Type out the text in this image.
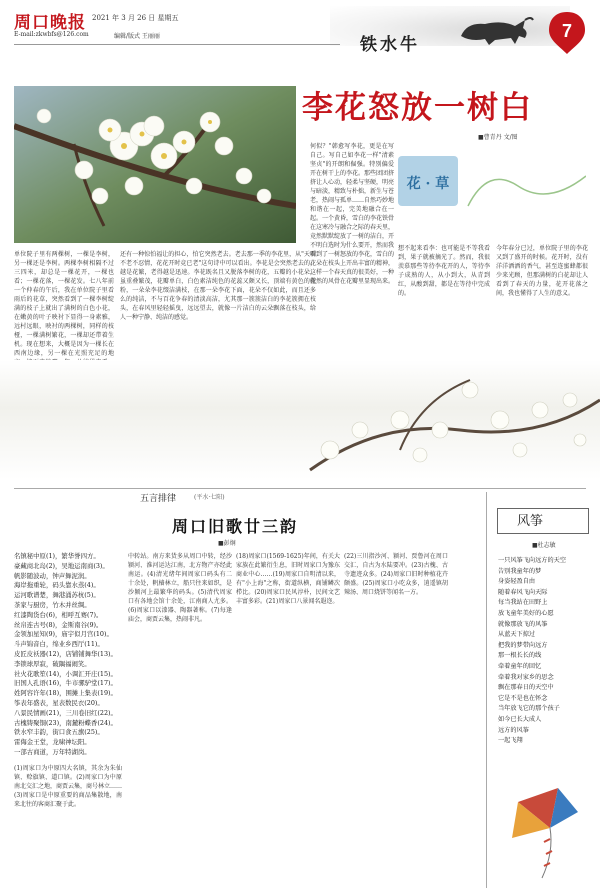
周口晚报 2021 年 3 月 26 日 星期五
E-mail:zkwbfs@126.com	编辑/版式 王丽丽	铁水牛
7
李花怒放一树白
■曹青丹 文/图
单位院子里有两棵树，一棵是李树，另一棵还是李树。两棵李树相隔不过三四米，却总是一棵花开，一棵也看；一棵花落，一棵花发。七八年前一个仲春的午后，我在单位院子里看雨后的花草，突然看到了一棵李树绽满的枝子上就出了满树的白色小花，在嫩黄的叶子映衬下显得一身素雅，远村远眼，映衬的两棵树，同样的枝桠，一棵满树繁花，一棵却还带着生机。现在想来，大概是因为一棵长在西南边缘，另一棵在光照充足的地
还有一种惊怕福让的担心，怕它突然老去。老去那一季的李花里，从"天啊不老不忍情，花花开时竞已老"这句诗中可以看出。李花是会突然老去的，越是花繁，老得越是迅速。李花既名且又脱落李树的花，五瓣的小花朵，虽重叠繁茂，花瓣单白，白色素洁纯色的花蕊又颇又长，顶端有黄色的花粉，一朵朵李花缀洁满枝，在那一朵李花下面，花朵不仅如此，而且还多么的纯洁，不与百花争春的清淡高洁，尤其那一簇簇洁白的李花簇拥在枝头，在春风里轻轻摇曳，远远望去，就像一片洁白的云朵飘落在枝头，给人一种宁静、纯洁的感觉。
何似？"韩愈写李花，更是在写自己。写自己如李花一样"清素坚贞"的开朗和倔强。特别偏爱开在树干上的李花。那些团团挤挤让人心动，轻柔与坚硬，明亮与暗淡，精致与朴拙，新生与苍老，热闹与孤单……自然巧妙地和谐在一起，完美地融合在一起。一个黄昏，雪白的李花铁骨在这寒冷与融合之际的春天里，竟然默默绽放了一树的洁白，开不明白选时为什么要开，然而我看到了一树怒放的李花，雪白的花朵在枝头上开出丰富的精神，这样一个春天真的很美好，一种傲然的风骨在花瓣里显现出来。
花 · 草
想不起来看李：也可能是不等我看到，果子就被摘光了。然而，我很羡慕那些等待李花开的人，等待李子成熟的人，从小到大，从青到红，从酸到甜，都是在等待中完成的。
今年春分已过，单位院子里的李花又到了盛开的时候。花开时，没有洋洋洒洒的香气，甚至连蜜蜂都很少来光顾，但那满树的白花却让人看到了春天的力量，花开花落之间，我也懂得了人生的意义。
五言排律	(平水·七阳)
周口旧歌廿三韵
■彭炯
名镇秘中原(1)，繁华誉四方。
豪藏商北岛(2)，吴地运南商(3)。
帆影随波动，钟声舞泥润。
海岸拖重轮，码头靠水蒸(4)。
运河歌谱楚，舞港涌苏杭(5)。
茶家与厨房，竹木并丝绸。
红漆陶货台(6)，相呼互赛(7)。
丝帛连古号(8)，金斯南谷(9)。
金领加星知(9)，庙宇似月宫(10)。
斗声锦音白，绵业乡西厅(11)。
皮匠皮袄器(12)，店铺铺舞华(13)。
李锁球厚寂，破隅福闹笑。
社火花歌笙(14)，小调汇开庄(15)。
旧国人孔语(16)，牛市骡驴堂(17)。
姓阿容许年(18)，围摊上集表(19)。
筝表年盛表，星表数民衣(20)。
八景民情画(21)，三川卷旧红(22)。
古槐铸聚铜(23)，南麓粉蝶香(24)。
铁水窄丰韵，街口食五旗(25)。
雷侮金王堂，龙啸神坛阳。
一部古商道，万年特湖岗。
(1)周家口为中原四大名镇，其余为朱仙镇、赊旗镇、道口镇。(2)周家口为中原南北交汇之地，商贾云集，商号林立……(3)周家口是中原重要的商品集散地，南来北往的客商汇聚于此。
中转站。南方来货多从周口中转，经沙颍河、淮河运达江南，北方物产亦经此南运。(4)清光绪年间周家口码头有二十余处，帆樯林立，船只往来如织，是沙颍河上最繁华的码头。(5)清代周家口有各地会馆十余处，江南商人尤多。(6)周家口以漆器、陶器著称。(7)每逢庙会，商贾云集，热闹非凡。
(18)周家口(1569-1625)年间，有关大家族在此繁衍生息，旧时周家口为豫东商业中心……(19)周家口自明清以来，有"小上海"之称，街道纵横，商铺鳞次栉比。(20)周家口民风淳朴，民间文艺丰富多彩。(21)周家口八景闻名遐迩。
(22)三川指沙河、颍河、贾鲁河在周口交汇，自古为水陆要冲。(23)古槐、古寺遗迹众多。(24)周家口旧时种植花卉颇盛。(25)周家口小吃众多，逍遥镇胡辣汤、周口烧饼等闻名一方。
风筝
■杜志敏
一只风筝飞向远方的天空
告别我童年的梦
身姿轻盈自由
随着春风飞向天际
每当我站在田野上
放飞童年美好的心愿
就像那放飞的风筝
从蓝天下掠过
把我的梦带向远方
那一根长长的线
牵着童年的回忆
牵着我对家乡的思念
飘在那春日的天空中
它是不是也在怀念
当年放飞它的那个孩子
如今已长大成人
远方的风筝
一起飞翔
